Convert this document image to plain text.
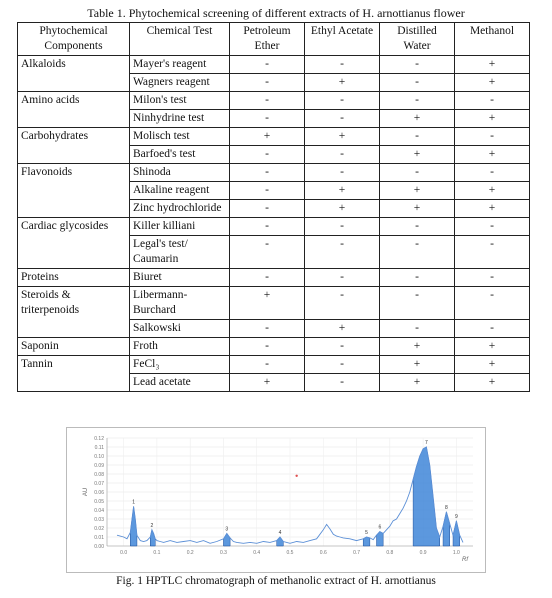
Table 1. Phytochemical screening of different extracts of H. arnottianus flower
Phytochemical Components	Chemical Test	Petroleum Ether	Ethyl Acetate	Distilled Water	Methanol
Alkaloids	Mayer's reagent	-	-	-	+
	Wagners reagent	-	+	-	+
Amino acids	Milon's test	-	-	-	-
	Ninhydrine test	-	-	+	+
Carbohydrates	Molisch test	+	+	-	-
	Barfoed's test	-	-	+	+
Flavonoids	Shinoda	-	-	-	-
	Alkaline reagent	-	+	+	+
	Zinc hydrochloride	-	+	+	+
Cardiac glycosides	Killer killiani	-	-	-	-
	Legal's test/ Caumarin	-	-	-	-
Proteins	Biuret	-	-	-	-
Steroids & triterpenoids	Libermann-Burchard	+	-	-	-
	Salkowski	-	+	-	-
Saponin	Froth	-	-	+	+
Tannin	FeCl₃	-	-	+	+
	Lead acetate	+	-	+	+
0.00
0.01
0.02
0.03
0.04
0.05
0.06
0.07
0.08
0.09
0.10
0.11
0.12
0.0	0.1	0.2	0.3	0.4	0.5	0.6	0.7	0.8	0.9	1.0
Rf
AU
1
2
3
4	5
6
7
8
9
Fig. 1 HPTLC chromatograph of methanolic extract of H. arnottianus
